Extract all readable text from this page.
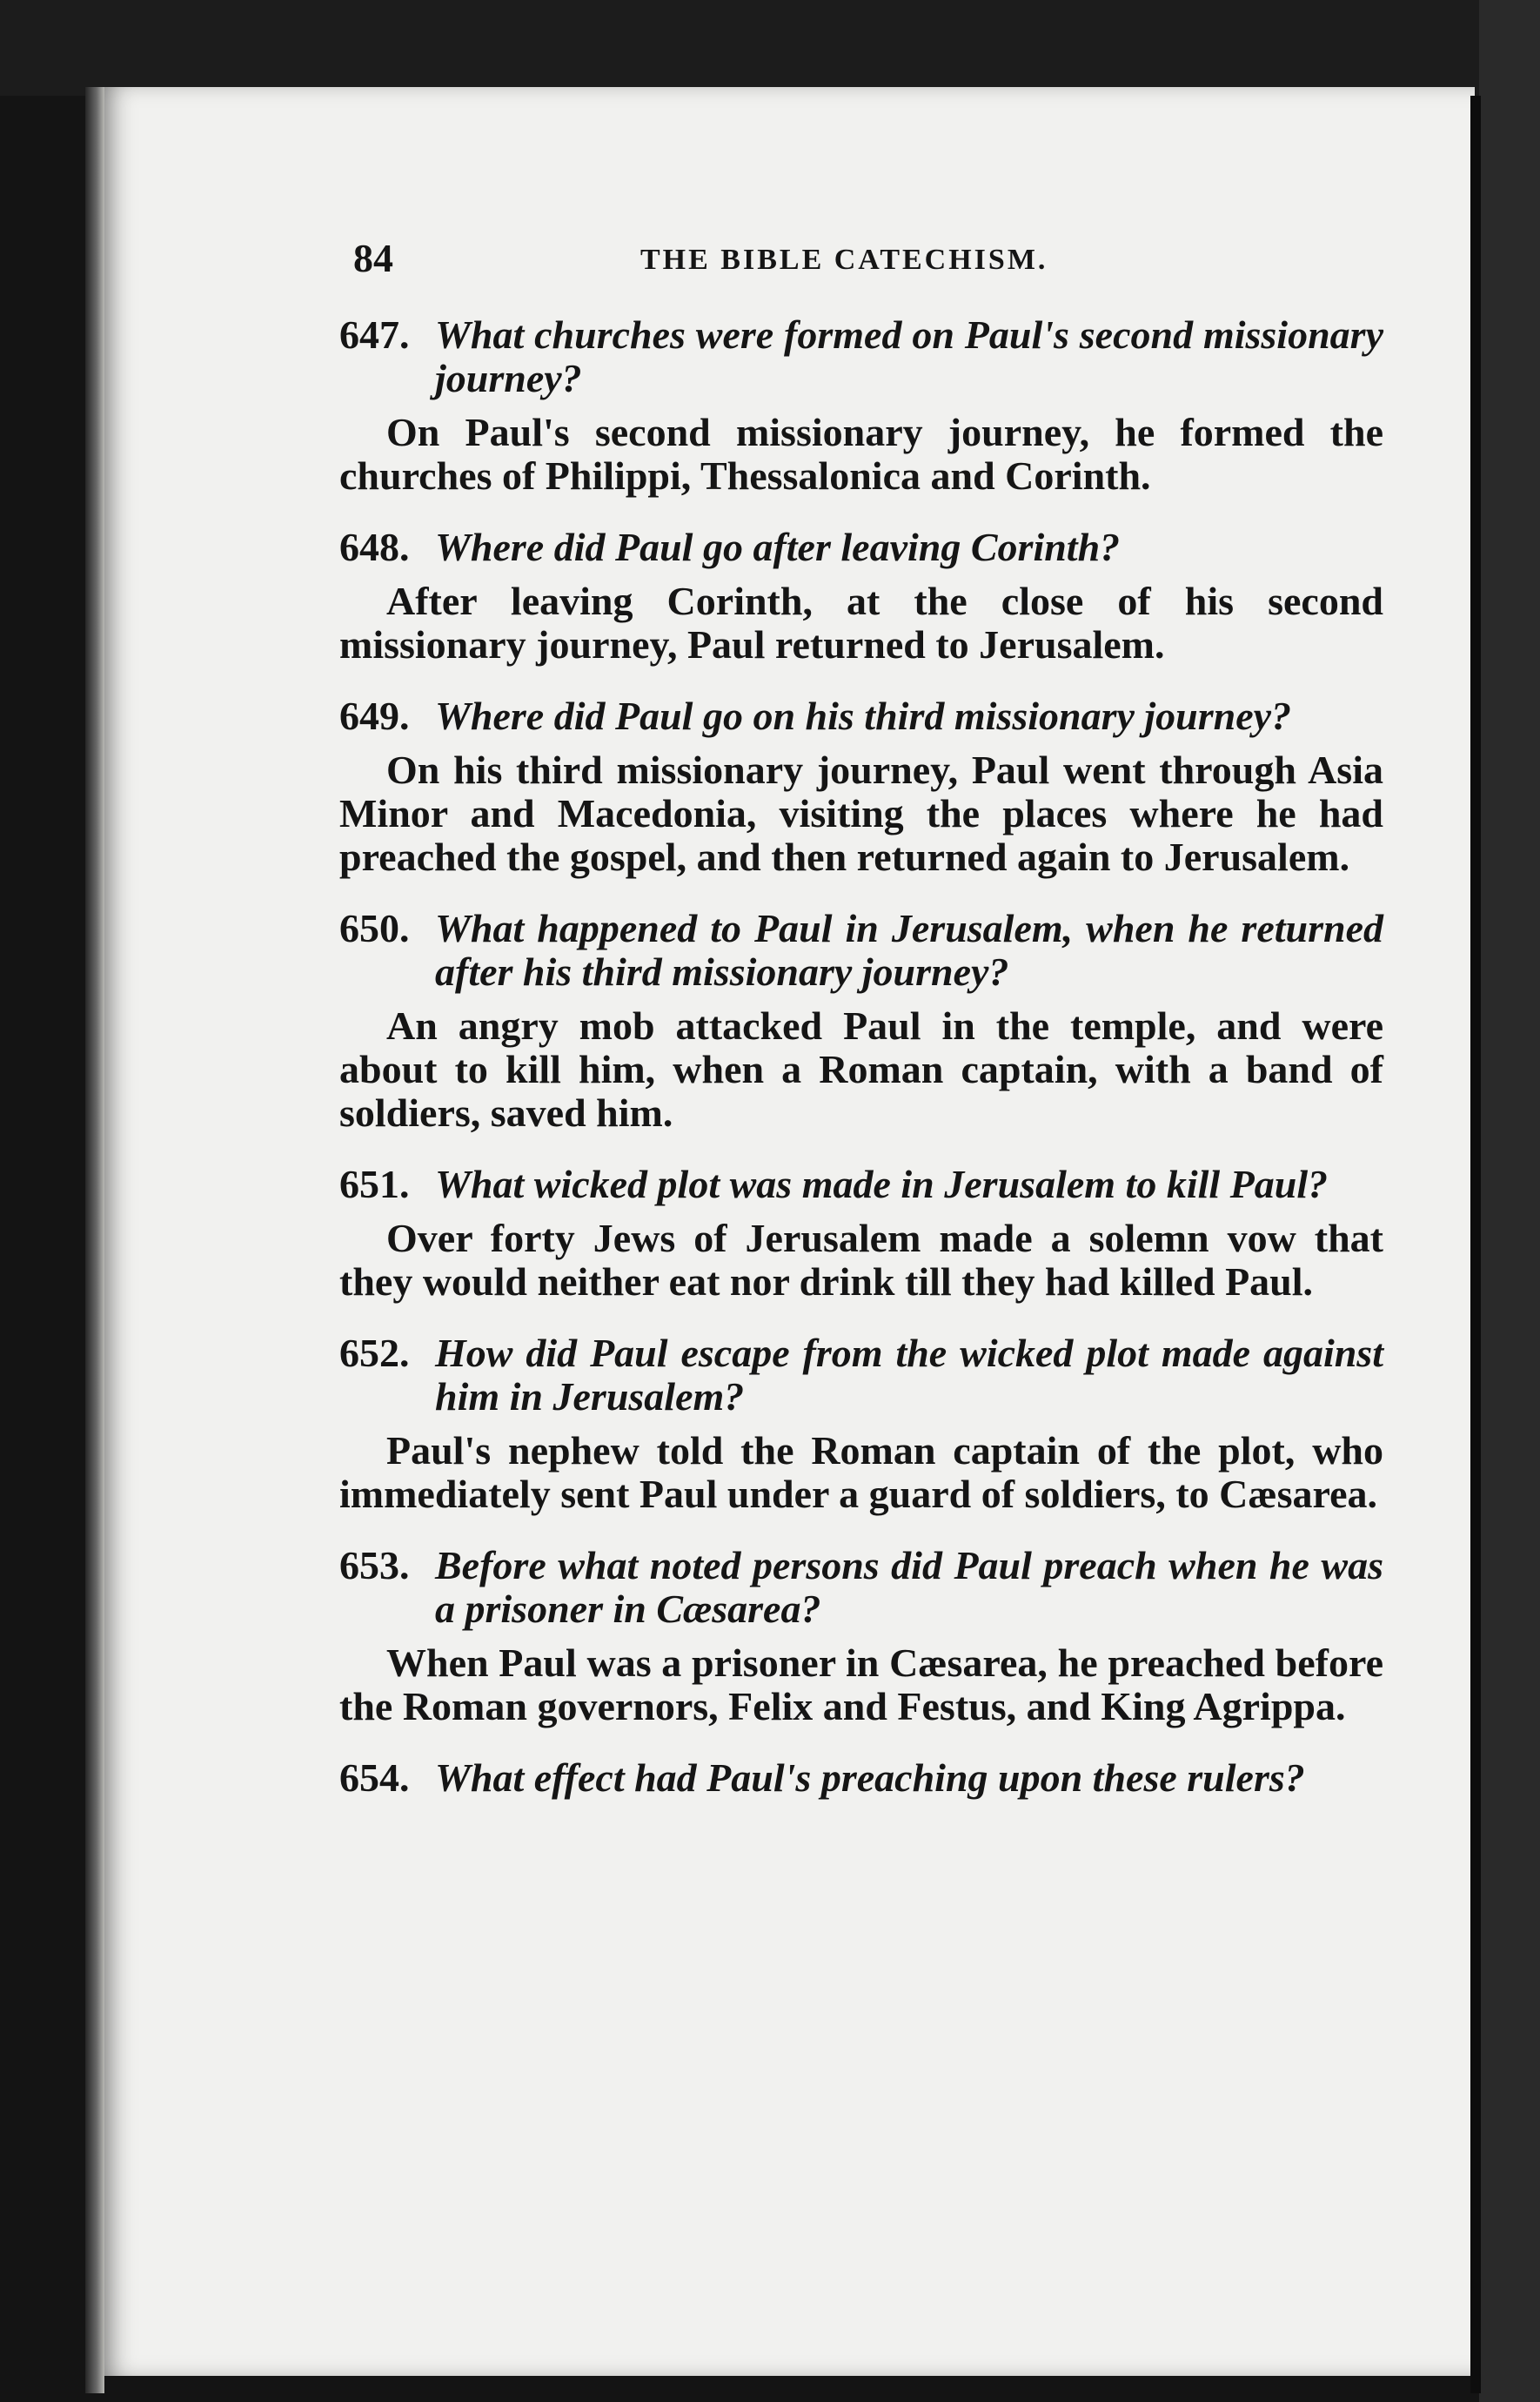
84	THE BIBLE CATECHISM.
647. What churches were formed on Paul's second missionary journey?
On Paul's second missionary journey, he formed the churches of Philippi, Thessalonica and Corinth.
648. Where did Paul go after leaving Corinth?
After leaving Corinth, at the close of his second missionary journey, Paul returned to Jerusalem.
649. Where did Paul go on his third missionary journey?
On his third missionary journey, Paul went through Asia Minor and Macedonia, visiting the places where he had preached the gospel, and then returned again to Jerusalem.
650. What happened to Paul in Jerusalem, when he returned after his third missionary journey?
An angry mob attacked Paul in the temple, and were about to kill him, when a Roman captain, with a band of soldiers, saved him.
651. What wicked plot was made in Jerusalem to kill Paul?
Over forty Jews of Jerusalem made a solemn vow that they would neither eat nor drink till they had killed Paul.
652. How did Paul escape from the wicked plot made against him in Jerusalem?
Paul's nephew told the Roman captain of the plot, who immediately sent Paul under a guard of soldiers, to Cæsarea.
653. Before what noted persons did Paul preach when he was a prisoner in Cæsarea?
When Paul was a prisoner in Cæsarea, he preached before the Roman governors, Felix and Festus, and King Agrippa.
654. What effect had Paul's preaching upon these rulers?
